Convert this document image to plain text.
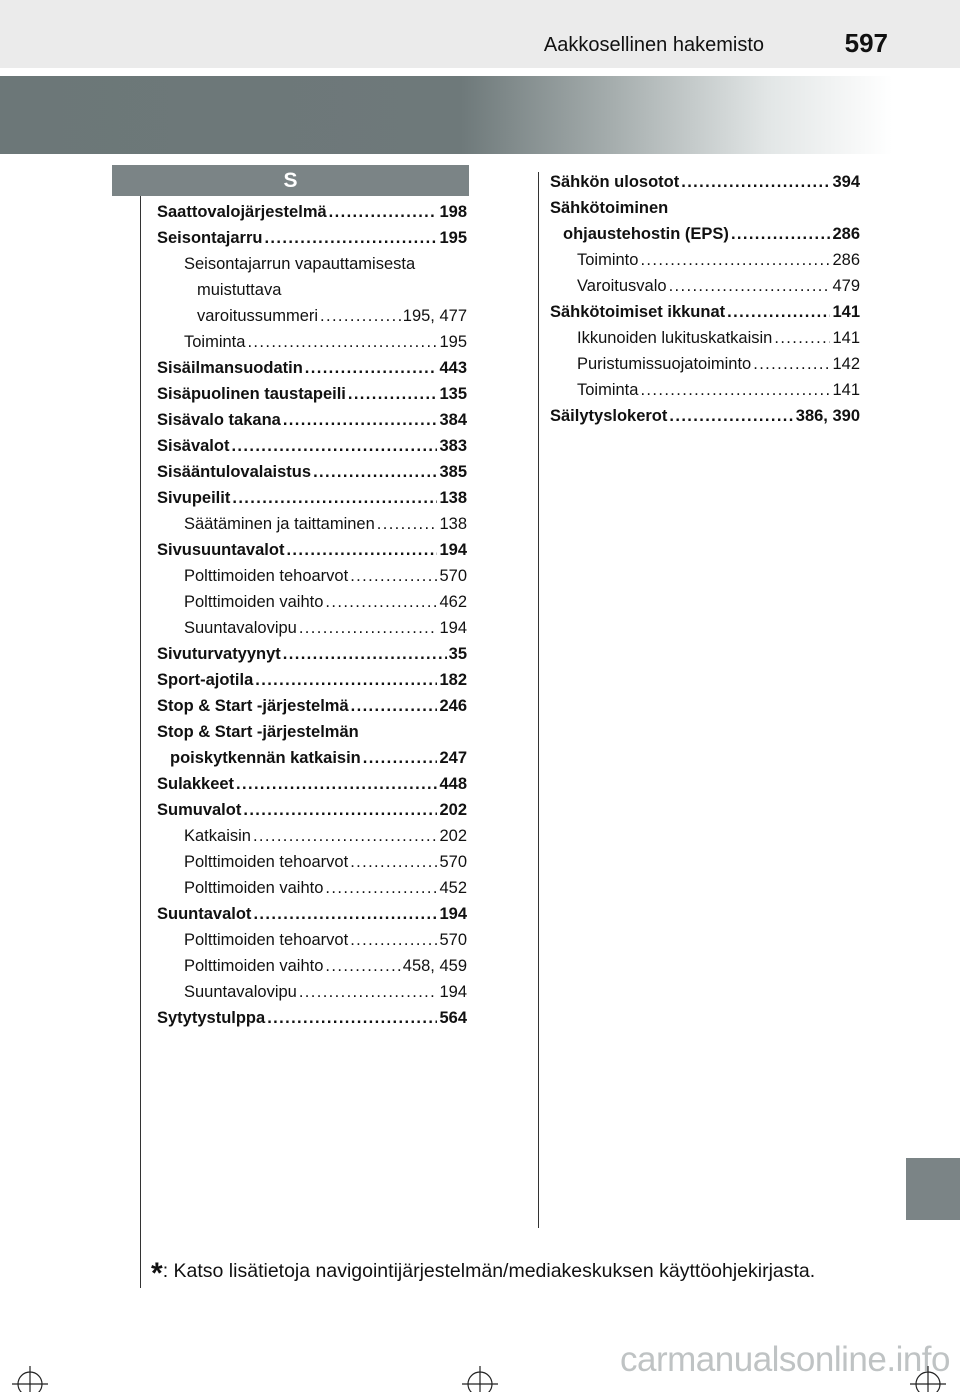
Aakkosellinen hakemisto	597
S
Saattovalojärjestelmä . . .	198
Seisontajarru . . .	195
Seisontajarrun vapauttamisesta
muistuttava
varoitussummeri . . .	195, 477
Toiminta . . .	195
Sisäilmansuodatin . . .	443
Sisäpuolinen taustapeili . . .	135
Sisävalo takana . . .	384
Sisävalot . . .	383
Sisääntulovalaistus . . .	385
Sivupeilit . . .	138
Säätäminen ja taittaminen . . .	138
Sivusuuntavalot . . .	194
Polttimoiden tehoarvot . . .	570
Polttimoiden vaihto . . .	462
Suuntavalovipu . . .	194
Sivuturvatyynyt . . .	35
Sport-ajotila . . .	182
Stop & Start -järjestelmä . . .	246
Stop & Start -järjestelmän
poiskytkennän katkaisin . . .	247
Sulakkeet . . .	448
Sumuvalot . . .	202
Katkaisin . . .	202
Polttimoiden tehoarvot . . .	570
Polttimoiden vaihto . . .	452
Suuntavalot . . .	194
Polttimoiden tehoarvot . . .	570
Polttimoiden vaihto . . .	458, 459
Suuntavalovipu . . .	194
Sytytystulppa . . .	564
Sähkön ulosotot . . .	394
Sähkötoiminen
ohjaustehostin (EPS) . . .	286
Toiminto . . .	286
Varoitusvalo . . .	479
Sähkötoimiset ikkunat . . .	141
Ikkunoiden lukituskatkaisin . . .	141
Puristumissuojatoiminto . . .	142
Toiminta . . .	141
Säilytyslokerot . . .	386, 390
*: Katso lisätietoja navigointijärjestelmän/mediakeskuksen käyttöohjekirjasta.
carmanualsonline.info
